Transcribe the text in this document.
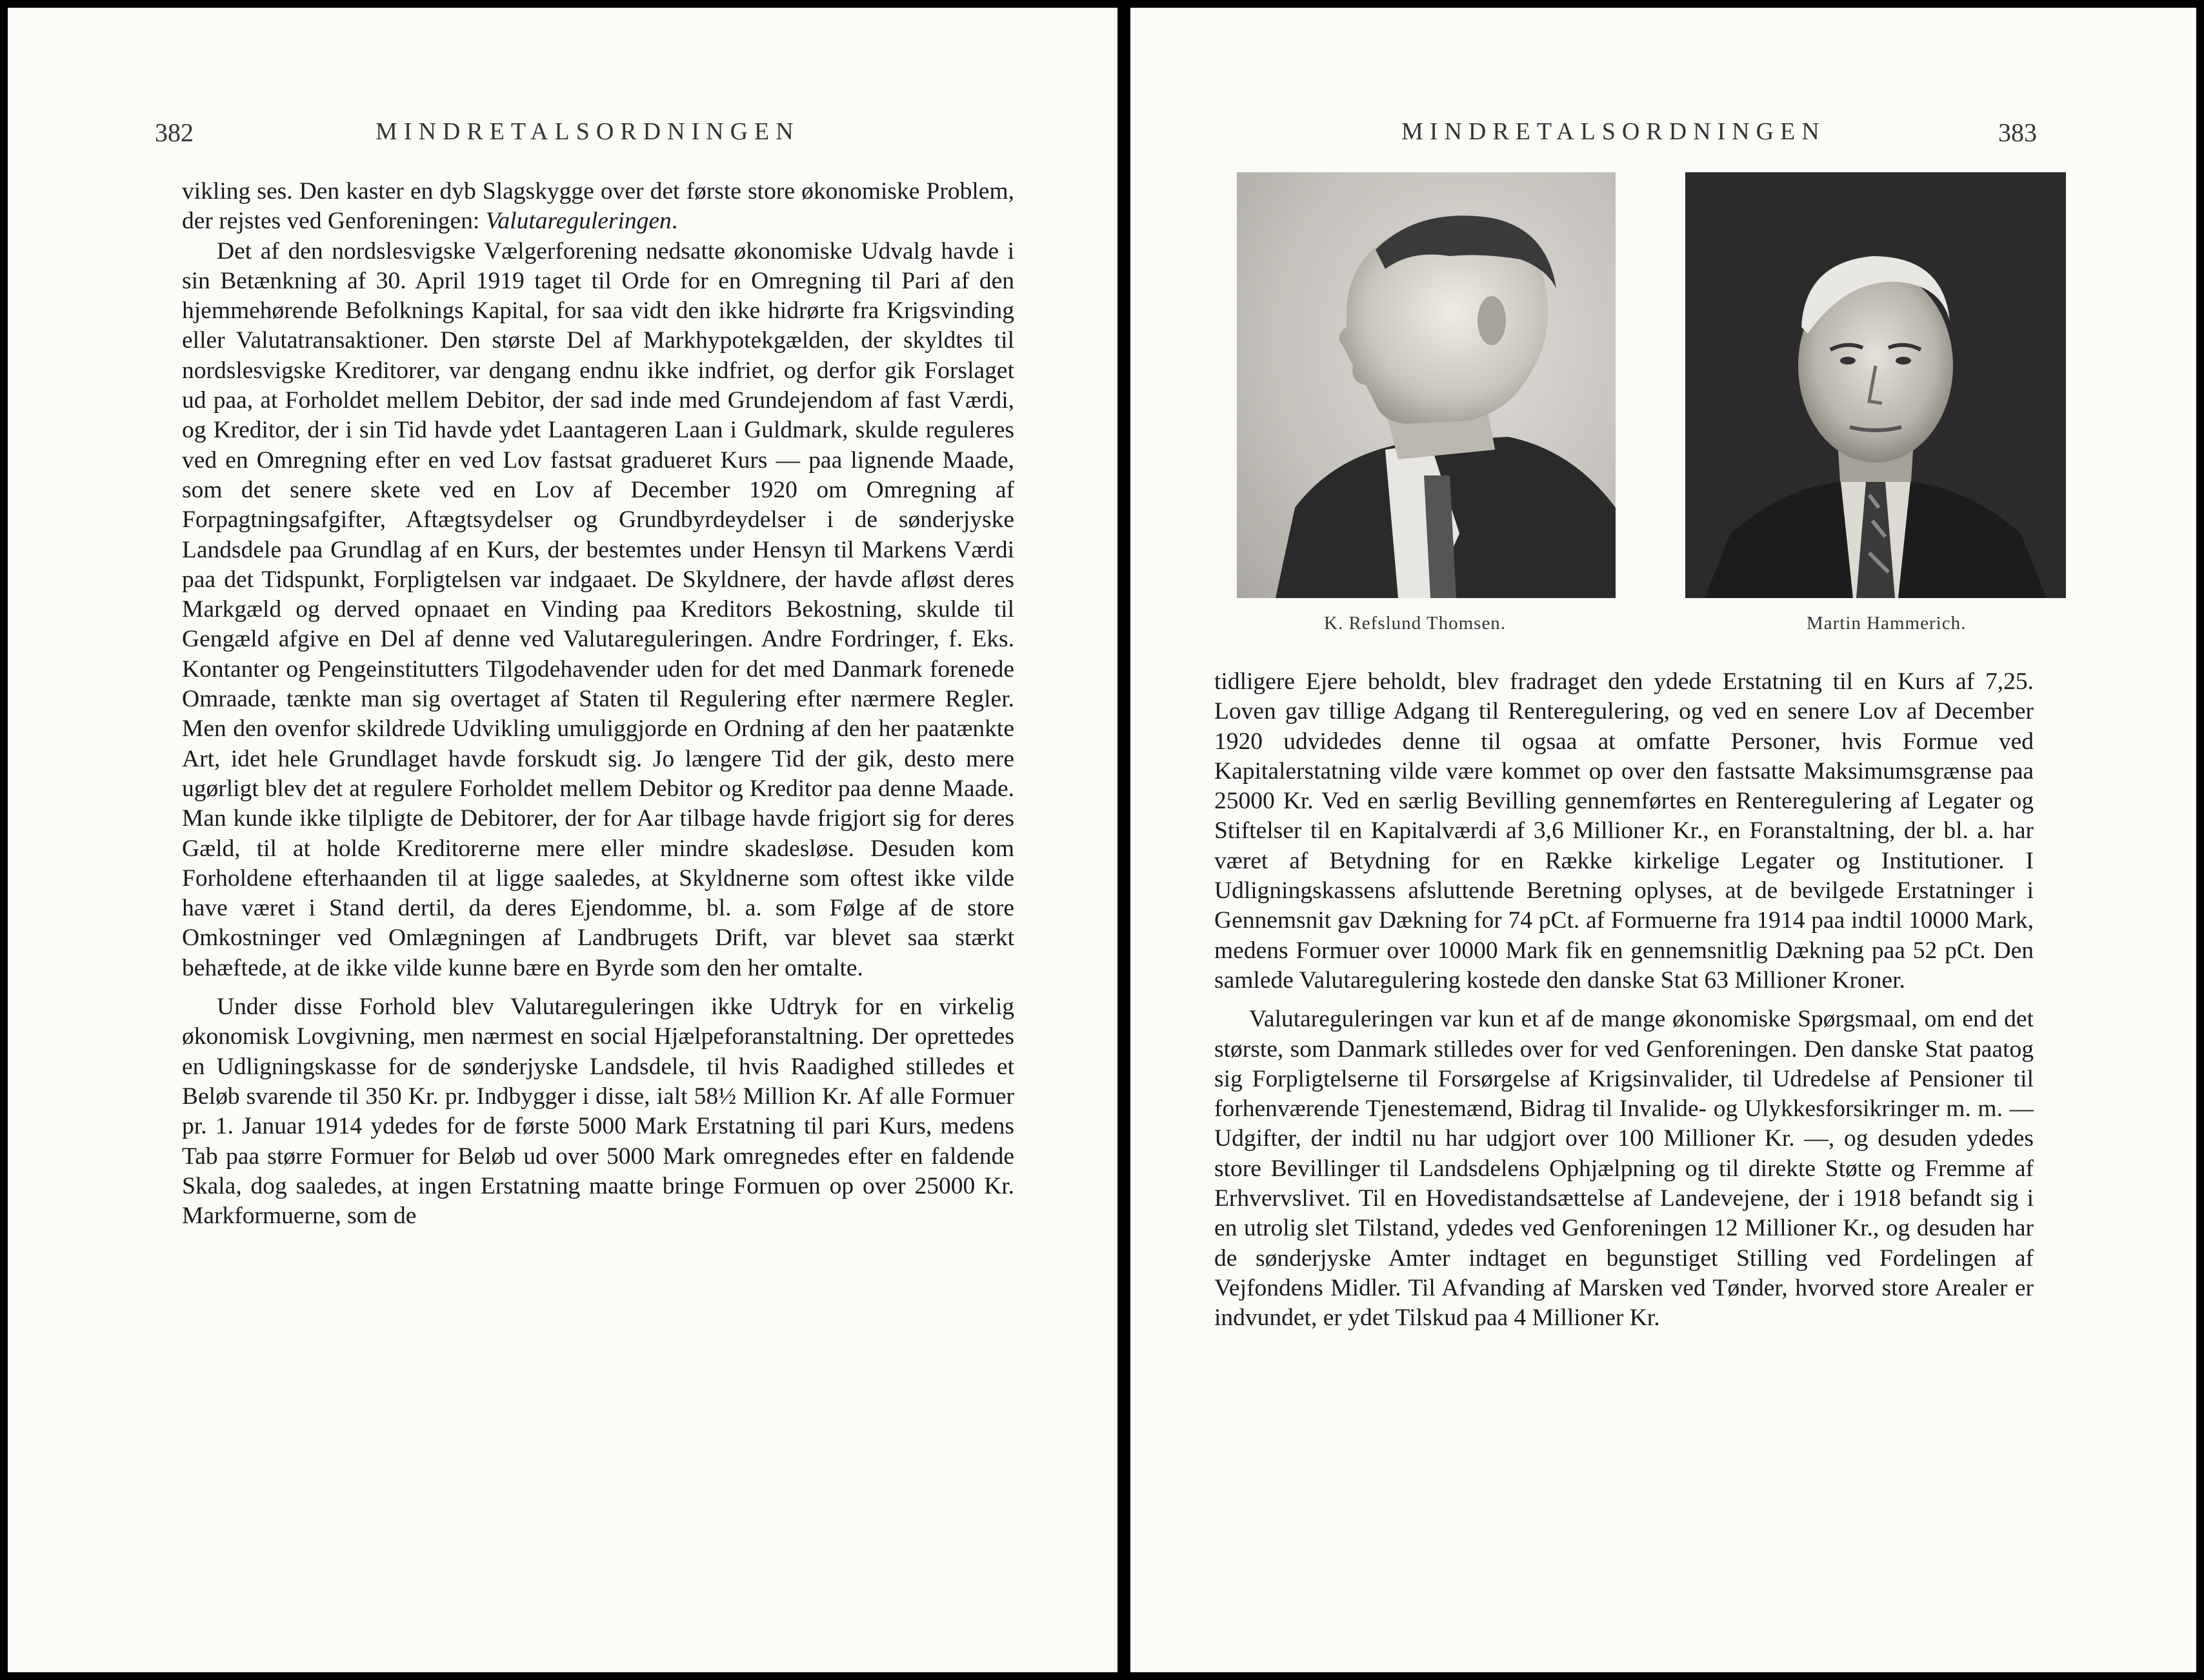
382	MINDRETALSORDNINGEN

vikling ses. Den kaster en dyb Slagskygge over det første store økonomiske Problem, der rejstes ved Genforeningen: Valutareguleringen.

Det af den nordslesvigske Vælgerforening nedsatte økonomiske Udvalg havde i sin Betænkning af 30. April 1919 taget til Orde for en Omregning til Pari af den hjemmehørende Befolknings Kapital, for saa vidt den ikke hidrørte fra Krigsvinding eller Valutatransaktioner. Den største Del af Markhypotekgælden, der skyldtes til nordslesvigske Kreditorer, var dengang endnu ikke indfriet, og derfor gik Forslaget ud paa, at Forholdet mellem Debitor, der sad inde med Grundejendom af fast Værdi, og Kreditor, der i sin Tid havde ydet Laantageren Laan i Guldmark, skulde reguleres ved en Omregning efter en ved Lov fastsat gradueret Kurs — paa lignende Maade, som det senere skete ved en Lov af December 1920 om Omregning af Forpagtningsafgifter, Aftægtsydelser og Grundbyrdeydelser i de sønderjyske Landsdele paa Grundlag af en Kurs, der bestemtes under Hensyn til Markens Værdi paa det Tidspunkt, Forpligtelsen var indgaaet. De Skyldnere, der havde afløst deres Markgæld og derved opnaaet en Vinding paa Kreditors Bekostning, skulde til Gengæld afgive en Del af denne ved Valutareguleringen. Andre Fordringer, f. Eks. Kontanter og Pengeinstitutters Tilgodehavender uden for det med Danmark forenede Omraade, tænkte man sig overtaget af Staten til Regulering efter nærmere Regler. Men den ovenfor skildrede Udvikling umuliggjorde en Ordning af den her paatænkte Art, idet hele Grundlaget havde forskudt sig. Jo længere Tid der gik, desto mere ugørligt blev det at regulere Forholdet mellem Debitor og Kreditor paa denne Maade. Man kunde ikke tilpligte de Debitorer, der for Aar tilbage havde frigjort sig for deres Gæld, til at holde Kreditorerne mere eller mindre skadesløse. Desuden kom Forholdene efterhaanden til at ligge saaledes, at Skyldnerne som oftest ikke vilde have været i Stand dertil, da deres Ejendomme, bl. a. som Følge af de store Omkostninger ved Omlægningen af Landbrugets Drift, var blevet saa stærkt behæftede, at de ikke vilde kunne bære en Byrde som den her omtalte.

Under disse Forhold blev Valutareguleringen ikke Udtryk for en virkelig økonomisk Lovgivning, men nærmest en social Hjælpeforanstaltning. Der oprettedes en Udligningskasse for de sønderjyske Landsdele, til hvis Raadighed stilledes et Beløb svarende til 350 Kr. pr. Indbygger i disse, ialt 58½ Million Kr. Af alle Formuer pr. 1. Januar 1914 ydedes for de første 5000 Mark Erstatning til pari Kurs, medens Tab paa større Formuer for Beløb ud over 5000 Mark omregnedes efter en faldende Skala, dog saaledes, at ingen Erstatning maatte bringe Formuen op over 25000 Kr. Markformuerne, som de

MINDRETALSORDNINGEN	383
K. Refslund Thomsen.	Martin Hammerich.

tidligere Ejere beholdt, blev fradraget den ydede Erstatning til en Kurs af 7,25. Loven gav tillige Adgang til Renteregulering, og ved en senere Lov af December 1920 udvidedes denne til ogsaa at omfatte Personer, hvis Formue ved Kapitalerstatning vilde være kommet op over den fastsatte Maksimumsgrænse paa 25000 Kr. Ved en særlig Bevilling gennemførtes en Renteregulering af Legater og Stiftelser til en Kapitalværdi af 3,6 Millioner Kr., en Foranstaltning, der bl. a. har været af Betydning for en Række kirkelige Legater og Institutioner. I Udligningskassens afsluttende Beretning oplyses, at de bevilgede Erstatninger i Gennemsnit gav Dækning for 74 pCt. af Formuerne fra 1914 paa indtil 10000 Mark, medens Formuer over 10000 Mark fik en gennemsnitlig Dækning paa 52 pCt. Den samlede Valutaregulering kostede den danske Stat 63 Millioner Kroner.

Valutareguleringen var kun et af de mange økonomiske Spørgsmaal, om end det største, som Danmark stilledes over for ved Genforeningen. Den danske Stat paatog sig Forpligtelserne til Forsørgelse af Krigsinvalider, til Udredelse af Pensioner til forhenværende Tjenestemænd, Bidrag til Invalide- og Ulykkesforsikringer m. m. — Udgifter, der indtil nu har udgjort over 100 Millioner Kr. —, og desuden ydedes store Bevillinger til Landsdelens Ophjælpning og til direkte Støtte og Fremme af Erhvervslivet. Til en Hovedistandsættelse af Landevejene, der i 1918 befandt sig i en utrolig slet Tilstand, ydedes ved Genforeningen 12 Millioner Kr., og desuden har de sønderjyske Amter indtaget en begunstiget Stilling ved Fordelingen af Vejfondens Midler. Til Afvanding af Marsken ved Tønder, hvorved store Arealer er indvundet, er ydet Tilskud paa 4 Millioner Kr.
